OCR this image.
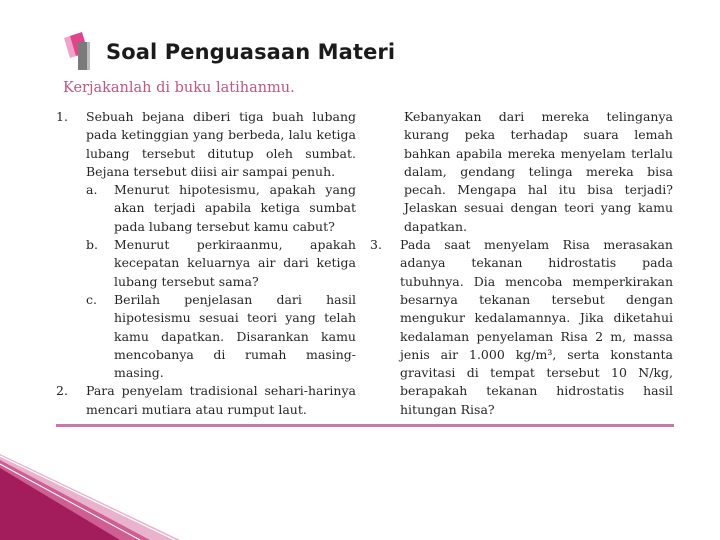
Soal Penguasaan Materi
Kerjakanlah di buku latihanmu.
1. Sebuah bejana diberi tiga buah lubang pada ketinggian yang berbeda, lalu ketiga lubang tersebut ditutup oleh sumbat. Bejana tersebut diisi air sampai penuh.
a. Menurut hipotesismu, apakah yang akan terjadi apabila ketiga sumbat pada lubang tersebut kamu cabut?
b. Menurut perkiraanmu, apakah kecepatan keluarnya air dari ketiga lubang tersebut sama?
c. Berilah penjelasan dari hasil hipotesismu sesuai teori yang telah kamu dapatkan. Disarankan kamu mencobanya di rumah masing-masing.
2. Para penyelam tradisional sehari-harinya mencari mutiara atau rumput laut.
Kebanyakan dari mereka telinganya kurang peka terhadap suara lemah bahkan apabila mereka menyelam terlalu dalam, gendang telinga mereka bisa pecah. Mengapa hal itu bisa terjadi? Jelaskan sesuai dengan teori yang kamu dapatkan.
3. Pada saat menyelam Risa merasakan adanya tekanan hidrostatis pada tubuhnya. Dia mencoba memperkirakan besarnya tekanan tersebut dengan mengukur kedalamannya. Jika diketahui kedalaman penyelaman Risa 2 m, massa jenis air 1.000 kg/m³, serta konstanta gravitasi di tempat tersebut 10 N/kg, berapakah tekanan hidrostatis hasil hitungan Risa?
